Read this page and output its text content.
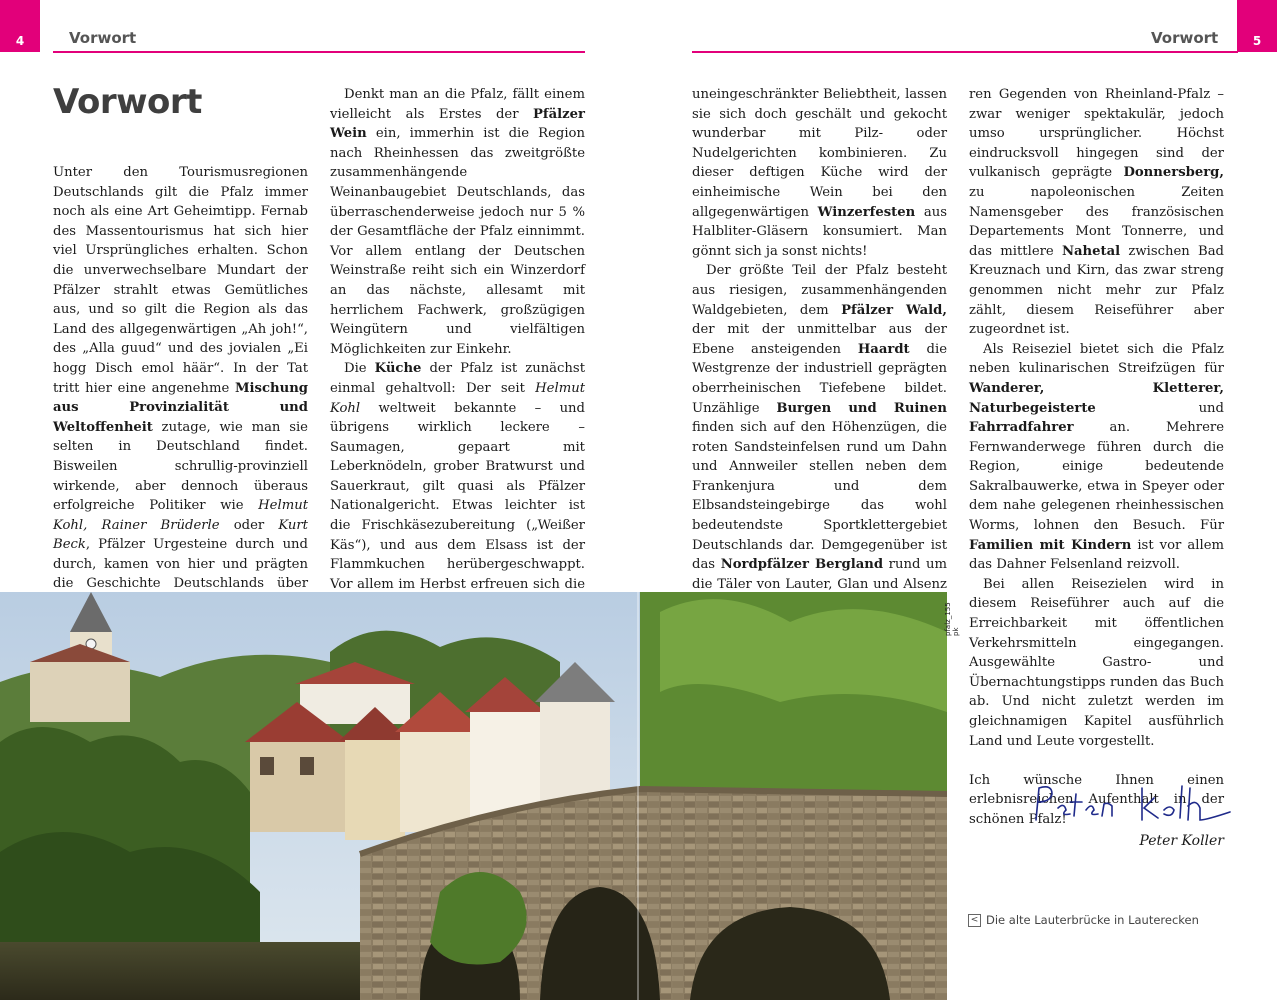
4	Vorwort	5
Vorwort
Vorwort

Unter den Tourismusregionen Deutschlands gilt die Pfalz immer noch als eine Art Geheimtipp. Fernab des Massentourismus hat sich hier viel Ursprüngliches erhalten. Schon die unverwechselbare Mundart der Pfälzer strahlt etwas Gemütliches aus, und so gilt die Region als das Land des allgegenwärtigen „Ah joh!“, des „Alla guud“ und des jovialen „Ei hogg Disch emol häär“. In der Tat tritt hier eine angenehme Mischung aus Provinzialität und Weltoffenheit zutage, wie man sie selten in Deutschland findet. Bisweilen schrullig-provinziell wirkende, aber dennoch überaus erfolgreiche Politiker wie Helmut Kohl, Rainer Brüderle oder Kurt Beck, Pfälzer Urgesteine durch und durch, kamen von hier und prägten die Geschichte Deutschlands über

Denkt man an die Pfalz, fällt einem vielleicht als Erstes der Pfälzer Wein ein, immerhin ist die Region nach Rheinhessen das zweitgrößte zusammenhängende Weinanbaugebiet Deutschlands, das überraschenderweise jedoch nur 5 % der Gesamtfläche der Pfalz einnimmt. Vor allem entlang der Deutschen Weinstraße reiht sich ein Winzerdorf an das nächste, allesamt mit herrlichem Fachwerk, großzügigen Weingütern und vielfältigen Möglichkeiten zur Einkehr.

Die Küche der Pfalz ist zunächst einmal gehaltvoll: Der seit Helmut Kohl weltweit bekannte – und übrigens wirklich leckere – Saumagen, gepaart mit Leberknödeln, grober Bratwurst und Sauerkraut, gilt quasi als Pfälzer Nationalgericht. Etwas leichter ist die Frischkäsezubereitung („Weißer Käs“), und aus dem Elsass ist der Flammkuchen herübergeschwappt. Vor allem im Herbst erfreuen sich die

uneingeschränkter Beliebtheit, lassen sie sich doch geschält und gekocht wunderbar mit Pilz- oder Nudelgerichten kombinieren. Zu dieser deftigen Küche wird der einheimische Wein bei den allgegenwärtigen Winzerfesten aus Halbliter-Gläsern konsumiert. Man gönnt sich ja sonst nichts!

Der größte Teil der Pfalz besteht aus riesigen, zusammenhängenden Waldgebieten, dem Pfälzer Wald, der mit der unmittelbar aus der Ebene ansteigenden Haardt die Westgrenze der industriell geprägten oberrheinischen Tiefebene bildet. Unzählige Burgen und Ruinen finden sich auf den Höhenzügen, die roten Sandsteinfelsen rund um Dahn und Annweiler stellen neben dem Frankenjura und dem Elbsandsteingebirge das wohl bedeutendste Sportklettergebiet Deutschlands dar. Demgegenüber ist das Nordpfälzer Bergland rund um die Täler von Lauter, Glan und Alsenz

ren Gegenden von Rheinland-Pfalz – zwar weniger spektakulär, jedoch umso ursprünglicher. Höchst eindrucksvoll hingegen sind der vulkanisch geprägte Donnersberg, zu napoleonischen Zeiten Namensgeber des französischen Departements Mont Tonnerre, und das mittlere Nahetal zwischen Bad Kreuznach und Kirn, das zwar streng genommen nicht mehr zur Pfalz zählt, diesem Reiseführer aber zugeordnet ist.

Als Reiseziel bietet sich die Pfalz neben kulinarischen Streifzügen für Wanderer, Kletterer, Naturbegeisterte und Fahrradfahrer an. Mehrere Fernwanderwege führen durch die Region, einige bedeutende Sakralbauwerke, etwa in Speyer oder dem nahe gelegenen rheinhessischen Worms, lohnen den Besuch. Für Familien mit Kindern ist vor allem das Dahner Felsenland reizvoll.

Bei allen Reisezielen wird in diesem Reiseführer auch auf die Erreichbarkeit mit öffentlichen Verkehrsmitteln eingegangen. Ausgewählte Gastro- und Übernachtungstipps runden das Buch ab. Und nicht zuletzt werden im gleichnamigen Kapitel ausführlich Land und Leute vorgestellt.

Ich wünsche Ihnen einen erlebnisreichen Aufenthalt in der schönen Pfalz!

pfalz_155 pk
Peter Koller
< Die alte Lauterbrücke in Lauterecken
